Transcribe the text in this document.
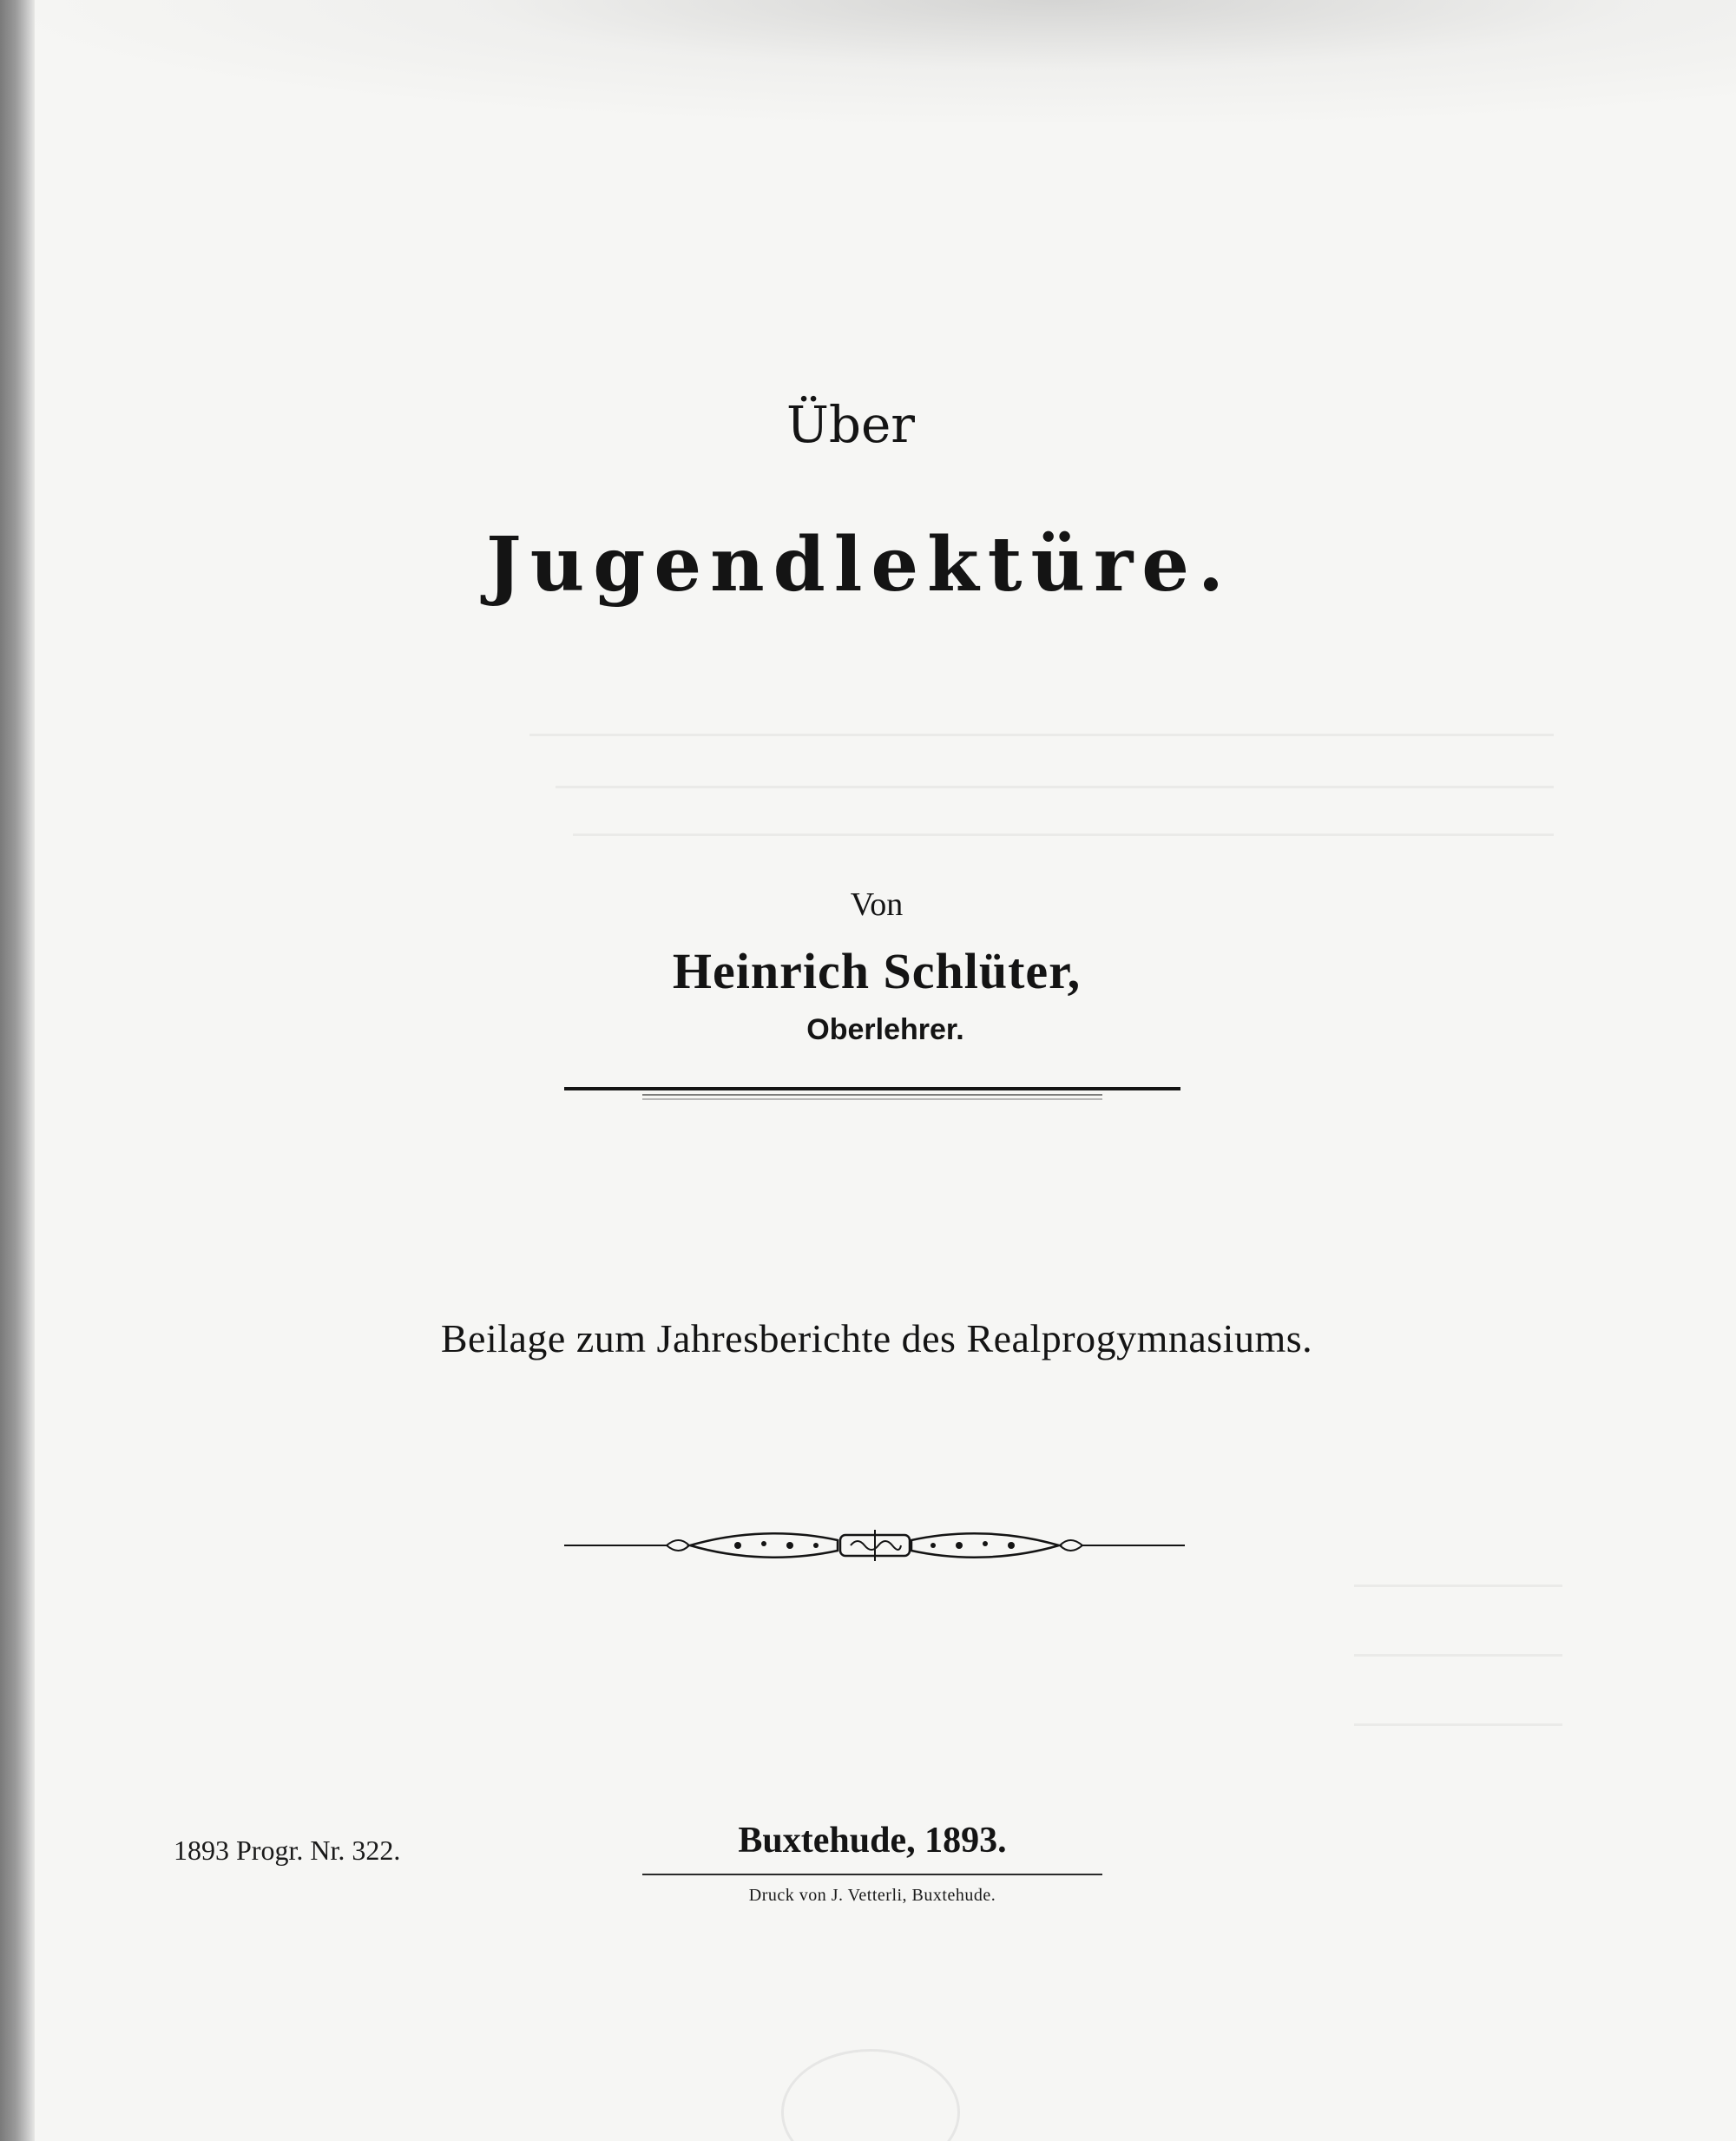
Über

Jugendlektüre.

Von

Heinrich Schlüter,

Oberlehrer.

Beilage zum Jahresberichte des Realprogymnasiums.

1893 Progr. Nr. 322.	Buxtehude, 1893.

Druck von J. Vetterli, Buxtehude.
